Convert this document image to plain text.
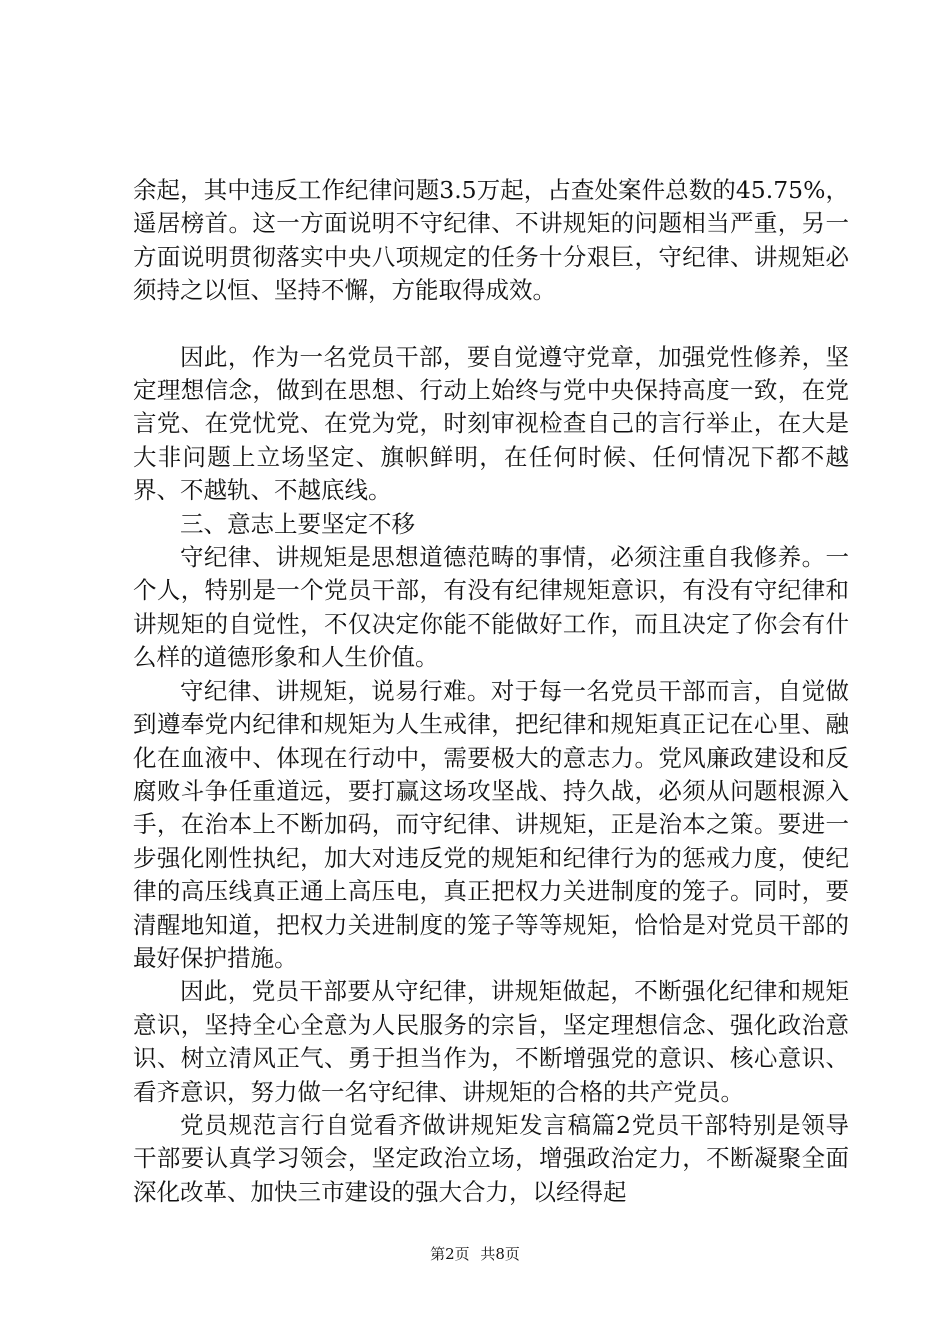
余起，其中违反工作纪律问题3.5万起，占查处案件总数的45.75%，遥居榜首。这一方面说明不守纪律、不讲规矩的问题相当严重，另一方面说明贯彻落实中央八项规定的任务十分艰巨，守纪律、讲规矩必须持之以恒、坚持不懈，方能取得成效。

因此，作为一名党员干部，要自觉遵守党章，加强党性修养，坚定理想信念，做到在思想、行动上始终与党中央保持高度一致，在党言党、在党忧党、在党为党，时刻审视检查自己的言行举止，在大是大非问题上立场坚定、旗帜鲜明，在任何时候、任何情况下都不越界、不越轨、不越底线。

三、意志上要坚定不移

守纪律、讲规矩是思想道德范畴的事情，必须注重自我修养。一个人，特别是一个党员干部，有没有纪律规矩意识，有没有守纪律和讲规矩的自觉性，不仅决定你能不能做好工作，而且决定了你会有什么样的道德形象和人生价值。

守纪律、讲规矩，说易行难。对于每一名党员干部而言，自觉做到遵奉党内纪律和规矩为人生戒律，把纪律和规矩真正记在心里、融化在血液中、体现在行动中，需要极大的意志力。党风廉政建设和反腐败斗争任重道远，要打赢这场攻坚战、持久战，必须从问题根源入手，在治本上不断加码，而守纪律、讲规矩，正是治本之策。要进一步强化刚性执纪，加大对违反党的规矩和纪律行为的惩戒力度，使纪律的高压线真正通上高压电，真正把权力关进制度的笼子。同时，要清醒地知道，把权力关进制度的笼子等等规矩，恰恰是对党员干部的最好保护措施。

因此，党员干部要从守纪律，讲规矩做起，不断强化纪律和规矩意识，坚持全心全意为人民服务的宗旨，坚定理想信念、强化政治意识、树立清风正气、勇于担当作为，不断增强党的意识、核心意识、看齐意识，努力做一名守纪律、讲规矩的合格的共产党员。

党员规范言行自觉看齐做讲规矩发言稿篇2党员干部特别是领导干部要认真学习领会，坚定政治立场，增强政治定力，不断凝聚全面深化改革、加快三市建设的强大合力，以经得起

第2页 共8页
